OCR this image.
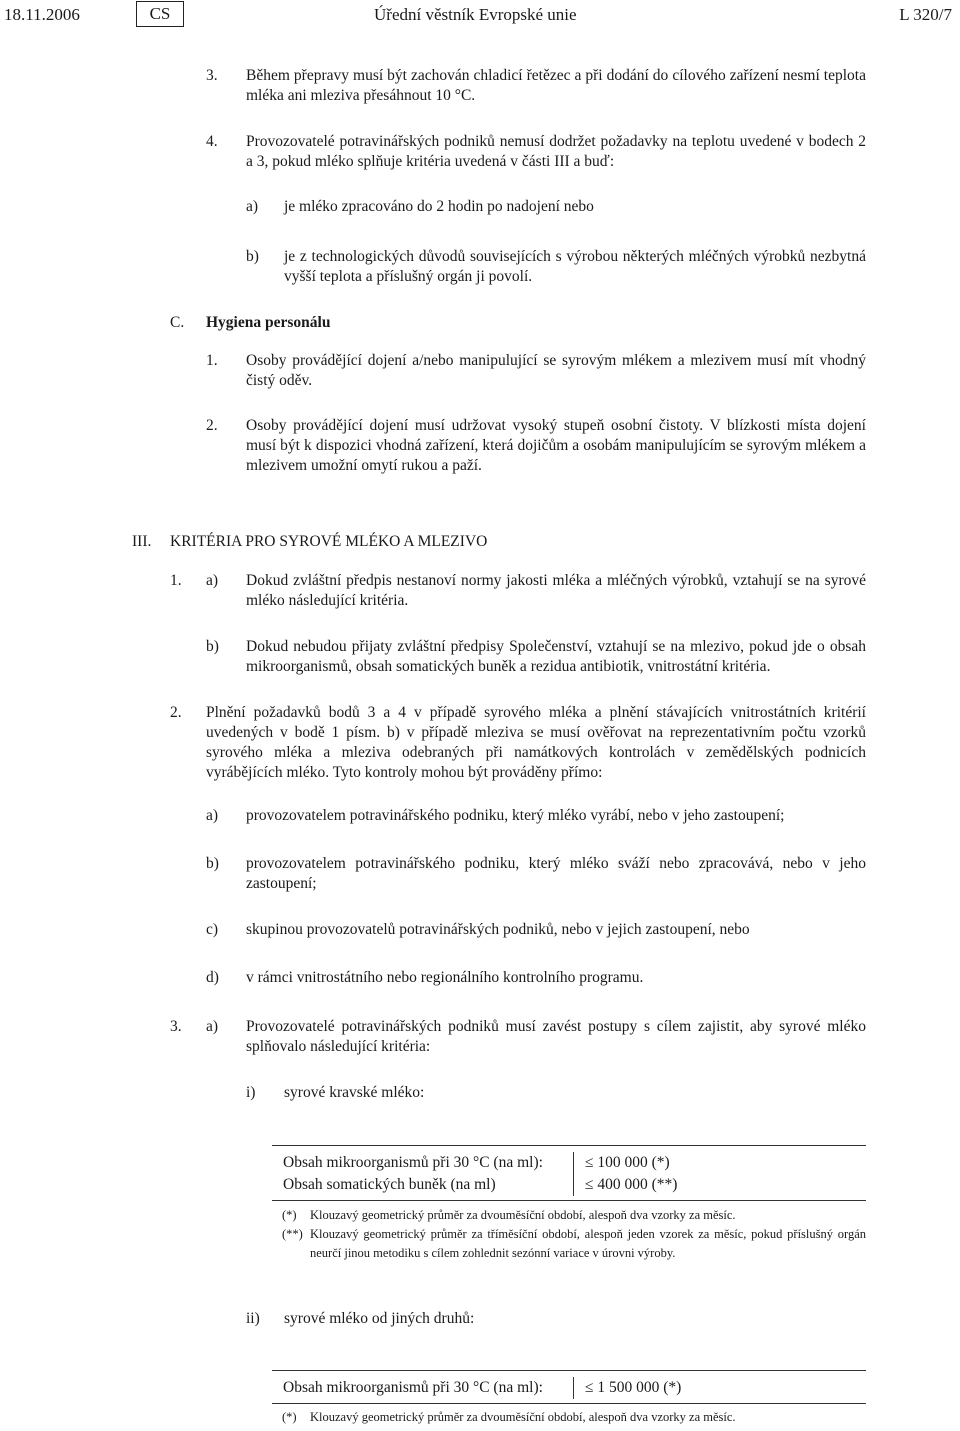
18.11.2006	CS	Úřední věstník Evropské unie	L 320/7
3. Během přepravy musí být zachován chladicí řetězec a při dodání do cílového zařízení nesmí teplota mléka ani mleziva přesáhnout 10 °C.
4. Provozovatelé potravinářských podniků nemusí dodržet požadavky na teplotu uvedené v bodech 2 a 3, pokud mléko splňuje kritéria uvedená v části III a buď:
a) je mléko zpracováno do 2 hodin po nadojení nebo
b) je z technologických důvodů souvisejících s výrobou některých mléčných výrobků nezbytná vyšší teplota a příslušný orgán ji povolí.
C. Hygiena personálu
1. Osoby provádějící dojení a/nebo manipulující se syrovým mlékem a mlezivem musí mít vhodný čistý oděv.
2. Osoby provádějící dojení musí udržovat vysoký stupeň osobní čistoty. V blízkosti místa dojení musí být k dispozici vhodná zařízení, která dojičům a osobám manipulujícím se syrovým mlékem a mlezivem umožní omytí rukou a paží.
III. KRITÉRIA PRO SYROVÉ MLÉKO A MLEZIVO
1. a) Dokud zvláštní předpis nestanoví normy jakosti mléka a mléčných výrobků, vztahují se na syrové mléko následující kritéria.
b) Dokud nebudou přijaty zvláštní předpisy Společenství, vztahují se na mlezivo, pokud jde o obsah mikroorganismů, obsah somatických buněk a rezidua antibiotik, vnitrostátní kritéria.
2. Plnění požadavků bodů 3 a 4 v případě syrového mléka a plnění stávajících vnitrostátních kritérií uvedených v bodě 1 písm. b) v případě mleziva se musí ověřovat na reprezentativním počtu vzorků syrového mléka a mleziva odebraných při namátkových kontrolách v zemědělských podnicích vyrábějících mléko. Tyto kontroly mohou být prováděny přímo:
a) provozovatelem potravinářského podniku, který mléko vyrábí, nebo v jeho zastoupení;
b) provozovatelem potravinářského podniku, který mléko sváží nebo zpracovává, nebo v jeho zastoupení;
c) skupinou provozovatelů potravinářských podniků, nebo v jejich zastoupení, nebo
d) v rámci vnitrostátního nebo regionálního kontrolního programu.
3. a) Provozovatelé potravinářských podniků musí zavést postupy s cílem zajistit, aby syrové mléko splňovalo následující kritéria:
i) syrové kravské mléko:
Obsah mikroorganismů při 30 °C (na ml):	≤ 100 000 (*)
Obsah somatických buněk (na ml)	≤ 400 000 (**)
(*) Klouzavý geometrický průměr za dvouměsíční období, alespoň dva vzorky za měsíc.
(**) Klouzavý geometrický průměr za tříměsíční období, alespoň jeden vzorek za měsíc, pokud příslušný orgán neurčí jinou metodiku s cílem zohlednit sezónní variace v úrovni výroby.
ii) syrové mléko od jiných druhů:
Obsah mikroorganismů při 30 °C (na ml):	≤ 1 500 000 (*)
(*) Klouzavý geometrický průměr za dvouměsíční období, alespoň dva vzorky za měsíc.
